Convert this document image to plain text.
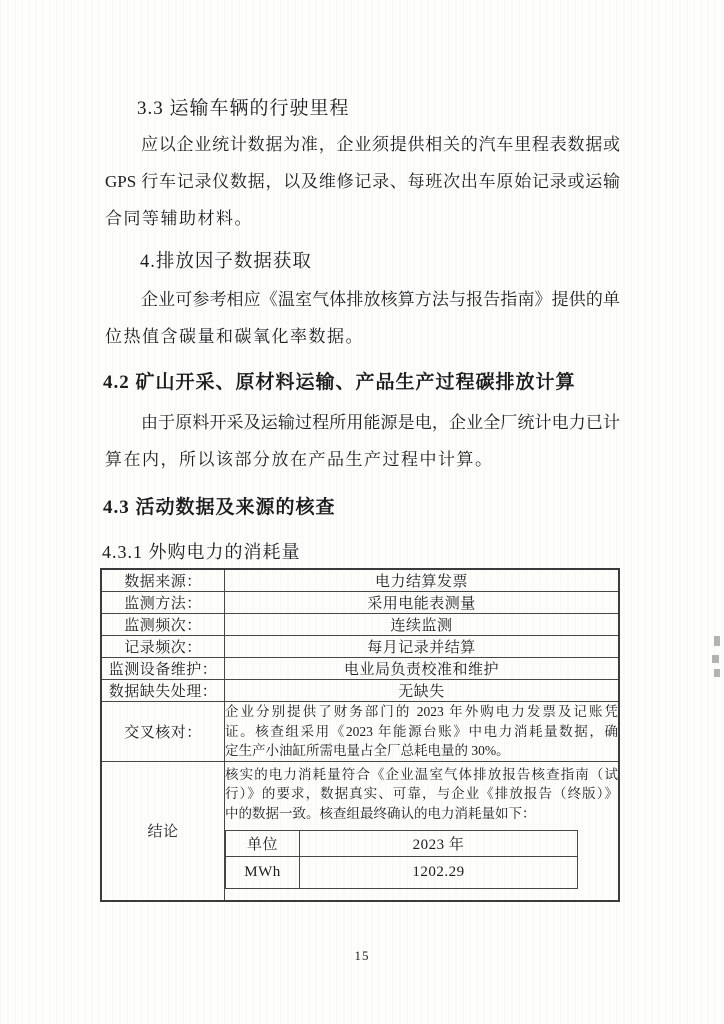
3.3 运输车辆的行驶里程
应以企业统计数据为准，企业须提供相关的汽车里程表数据或
GPS 行车记录仪数据，以及维修记录、每班次出车原始记录或运输
合同等辅助材料。
4.排放因子数据获取
企业可参考相应《温室气体排放核算方法与报告指南》提供的单
位热值含碳量和碳氧化率数据。
4.2 矿山开采、原材料运输、产品生产过程碳排放计算
由于原料开采及运输过程所用能源是电，企业全厂统计电力已计
算在内，所以该部分放在产品生产过程中计算。
4.3 活动数据及来源的核查
4.3.1 外购电力的消耗量
数据来源：	电力结算发票
监测方法：	采用电能表测量
监测频次：	连续监测
记录频次：	每月记录并结算
监测设备维护：	电业局负责校准和维护
数据缺失处理：	无缺失
交叉核对：	
企业分别提供了财务部门的 2023 年外购电力发票及记账凭
证。核查组采用《2023 年能源台账》中电力消耗量数据，确
定生产小油缸所需电量占全厂总耗电量的 30%。

结论	
核实的电力消耗量符合《企业温室气体排放报告核查指南（试
行）》的要求，数据真实、可靠，与企业《排放报告（终版）》
中的数据一致。核查组最终确认的电力消耗量如下：
单位	2023 年
MWh	1202.29
15
